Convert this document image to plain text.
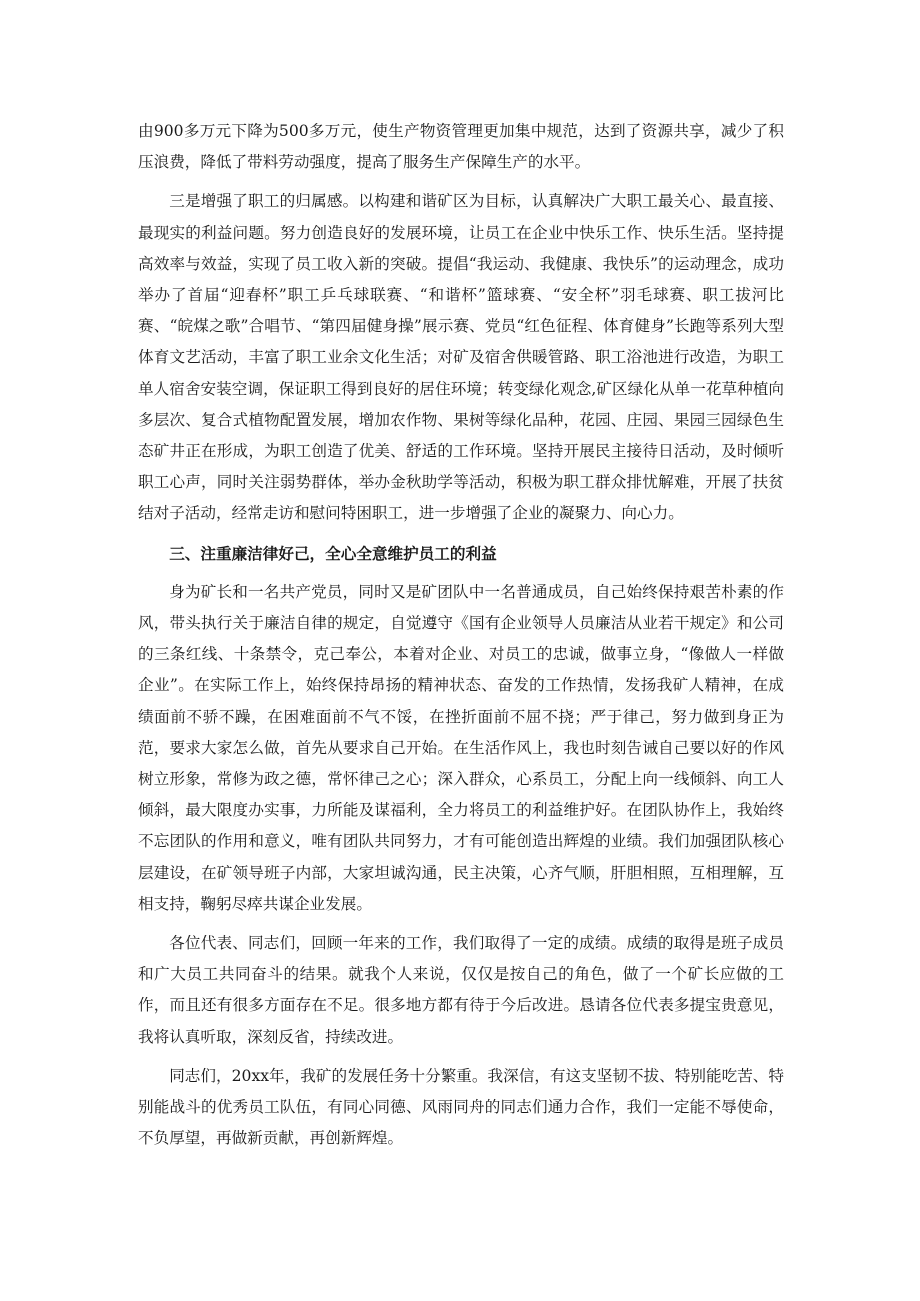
由900多万元下降为500多万元，使生产物资管理更加集中规范，达到了资源共享，减少了积压浪费，降低了带料劳动强度，提高了服务生产保障生产的水平。

三是增强了职工的归属感。以构建和谐矿区为目标，认真解决广大职工最关心、最直接、最现实的利益问题。努力创造良好的发展环境，让员工在企业中快乐工作、快乐生活。坚持提高效率与效益，实现了员工收入新的突破。提倡“我运动、我健康、我快乐”的运动理念，成功举办了首届“迎春杯”职工乒乓球联赛、“和谐杯”篮球赛、“安全杯”羽毛球赛、职工拔河比赛、“皖煤之歌”合唱节、“第四届健身操”展示赛、党员“红色征程、体育健身”长跑等系列大型体育文艺活动，丰富了职工业余文化生活；对矿及宿舍供暖管路、职工浴池进行改造，为职工单人宿舍安装空调，保证职工得到良好的居住环境；转变绿化观念,矿区绿化从单一花草种植向多层次、复合式植物配置发展，增加农作物、果树等绿化品种，花园、庄园、果园三园绿色生态矿井正在形成，为职工创造了优美、舒适的工作环境。坚持开展民主接待日活动，及时倾听职工心声，同时关注弱势群体，举办金秋助学等活动，积极为职工群众排忧解难，开展了扶贫结对子活动，经常走访和慰问特困职工，进一步增强了企业的凝聚力、向心力。

三、注重廉洁律好己，全心全意维护员工的利益

身为矿长和一名共产党员，同时又是矿团队中一名普通成员，自己始终保持艰苦朴素的作风，带头执行关于廉洁自律的规定，自觉遵守《国有企业领导人员廉洁从业若干规定》和公司的三条红线、十条禁令，克己奉公，本着对企业、对员工的忠诚，做事立身，“像做人一样做企业”。在实际工作上，始终保持昂扬的精神状态、奋发的工作热情，发扬我矿人精神，在成绩面前不骄不躁，在困难面前不气不馁，在挫折面前不屈不挠；严于律己，努力做到身正为范，要求大家怎么做，首先从要求自己开始。在生活作风上，我也时刻告诫自己要以好的作风树立形象，常修为政之德，常怀律己之心；深入群众，心系员工，分配上向一线倾斜、向工人倾斜，最大限度办实事，力所能及谋福利，全力将员工的利益维护好。在团队协作上，我始终不忘团队的作用和意义，唯有团队共同努力，才有可能创造出辉煌的业绩。我们加强团队核心层建设，在矿领导班子内部，大家坦诚沟通，民主决策，心齐气顺，肝胆相照，互相理解，互相支持，鞠躬尽瘁共谋企业发展。

各位代表、同志们，回顾一年来的工作，我们取得了一定的成绩。成绩的取得是班子成员和广大员工共同奋斗的结果。就我个人来说，仅仅是按自己的角色，做了一个矿长应做的工作，而且还有很多方面存在不足。很多地方都有待于今后改进。恳请各位代表多提宝贵意见，我将认真听取，深刻反省，持续改进。

同志们，20xx年，我矿的发展任务十分繁重。我深信，有这支坚韧不拔、特别能吃苦、特别能战斗的优秀员工队伍，有同心同德、风雨同舟的同志们通力合作，我们一定能不辱使命，不负厚望，再做新贡献，再创新辉煌。
